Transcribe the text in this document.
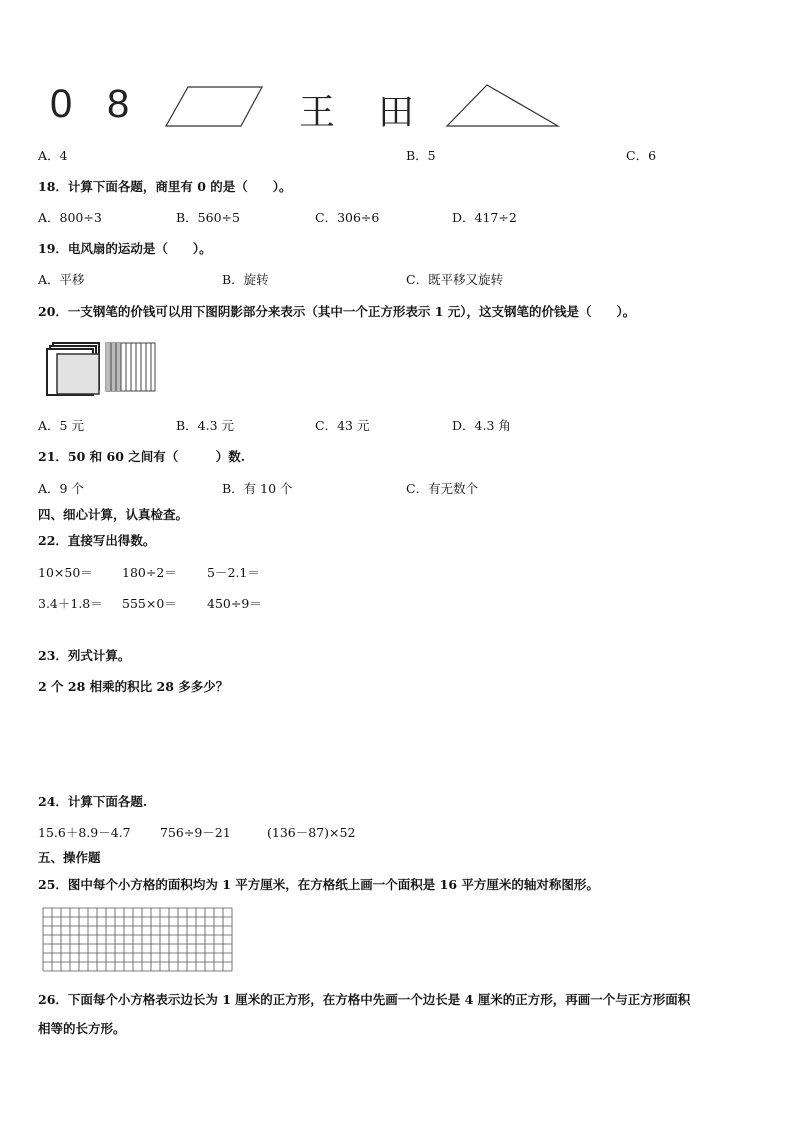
0 8	王 田
A．4	B．5	C．6
18．计算下面各题，商里有 0 的是（　　）。
A．800÷3	B．560÷5	C．306÷6	D．417÷2
19．电风扇的运动是（　　）。
A．平移	B．旋转	C．既平移又旋转
20．一支钢笔的价钱可以用下图阴影部分来表示（其中一个正方形表示 1 元），这支钢笔的价钱是（　　）。
A．5 元	B．4.3 元	C．43 元	D．4.3 角
21．50 和 60 之间有（　　　）数.
A．9 个	B．有 10 个	C．有无数个
四、细心计算，认真检查。
22．直接写出得数。
10×50＝ 180÷2＝ 5－2.1＝
3.4＋1.8＝ 555×0＝ 450÷9＝
23．列式计算。
2 个 28 相乘的积比 28 多多少？
24．计算下面各题.
15.6＋8.9－4.7 756÷9－21	(136－87)×52
五、操作题
25．图中每个小方格的面积均为 1 平方厘米，在方格纸上画一个面积是 16 平方厘米的轴对称图形。
26．下面每个小方格表示边长为 1 厘米的正方形，在方格中先画一个边长是 4 厘米的正方形，再画一个与正方形面积
相等的长方形。
